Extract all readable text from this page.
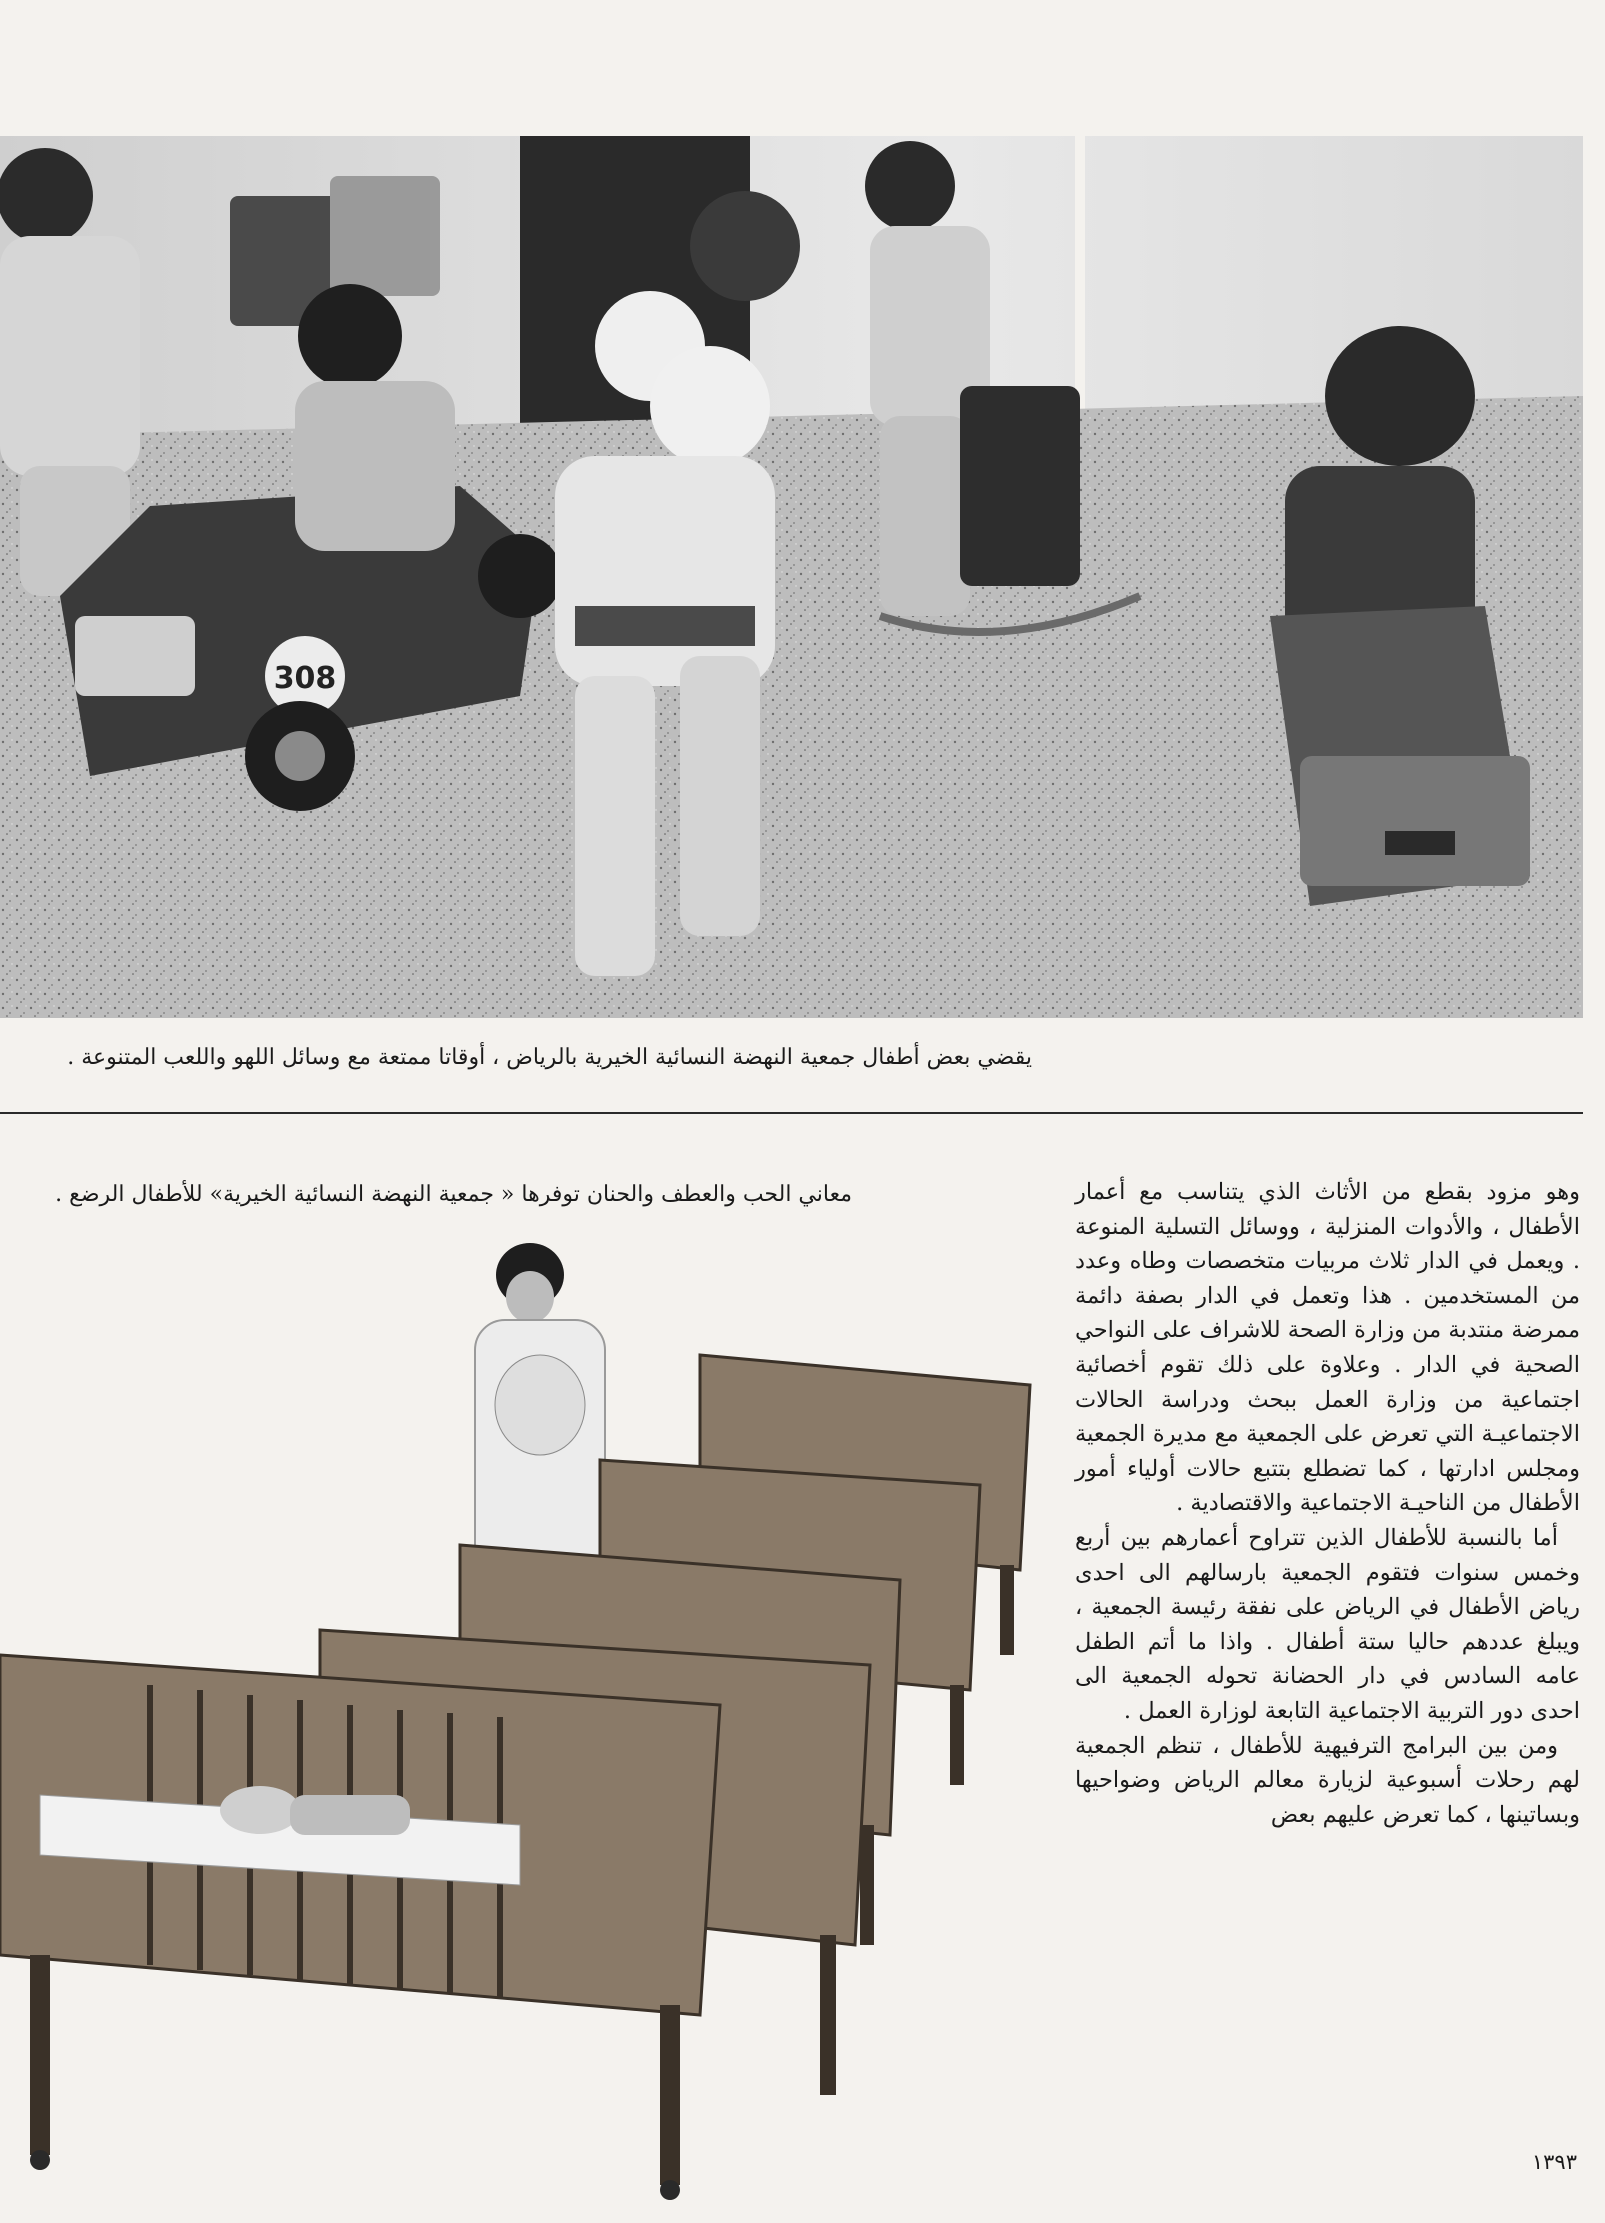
308
يقضي بعض أطفال جمعية النهضة النسائية الخيرية بالرياض ، أوقاتا ممتعة مع وسائل اللهو واللعب المتنوعة .
معاني الحب والعطف والحنان توفرها « جمعية النهضة النسائية الخيرية» للأطفال الرضع .	وهو مزود بقطع من الأثاث الذي يتناسب مع أعمار الأطفال ، والأدوات المنزلية ، ووسائل التسلية المنوعة . ويعمل في الدار ثلاث مربيات متخصصات وطاه وعدد من المستخدمين . هذا وتعمل في الدار بصفة دائمة ممرضة منتدبة من وزارة الصحة للاشراف على النواحي الصحية في الدار . وعلاوة على ذلك تقوم أخصائية اجتماعية من وزارة العمل ببحث ودراسة الحالات الاجتماعيـة التي تعرض على الجمعية مع مديرة الجمعية ومجلس ادارتها ، كما تضطلع بتتبع حالات أولياء أمور الأطفال من الناحيـة الاجتماعية والاقتصادية .

أما بالنسبة للأطفال الذين تتراوح أعمارهم بين أربع وخمس سنوات فتقوم الجمعية بارسالهم الى احدى رياض الأطفال في الرياض على نفقة رئيسة الجمعية ، ويبلغ عددهم حاليا ستة أطفال . واذا ما أتم الطفل عامه السادس في دار الحضانة تحوله الجمعية الى احدى دور التربية الاجتماعية التابعة لوزارة العمل .

ومن بين البرامج الترفيهية للأطفال ، تنظم الجمعية لهم رحلات أسبوعية لزيارة معالم الرياض وضواحيها وبساتينها ، كما تعرض عليهم بعض

١٣٩٣
